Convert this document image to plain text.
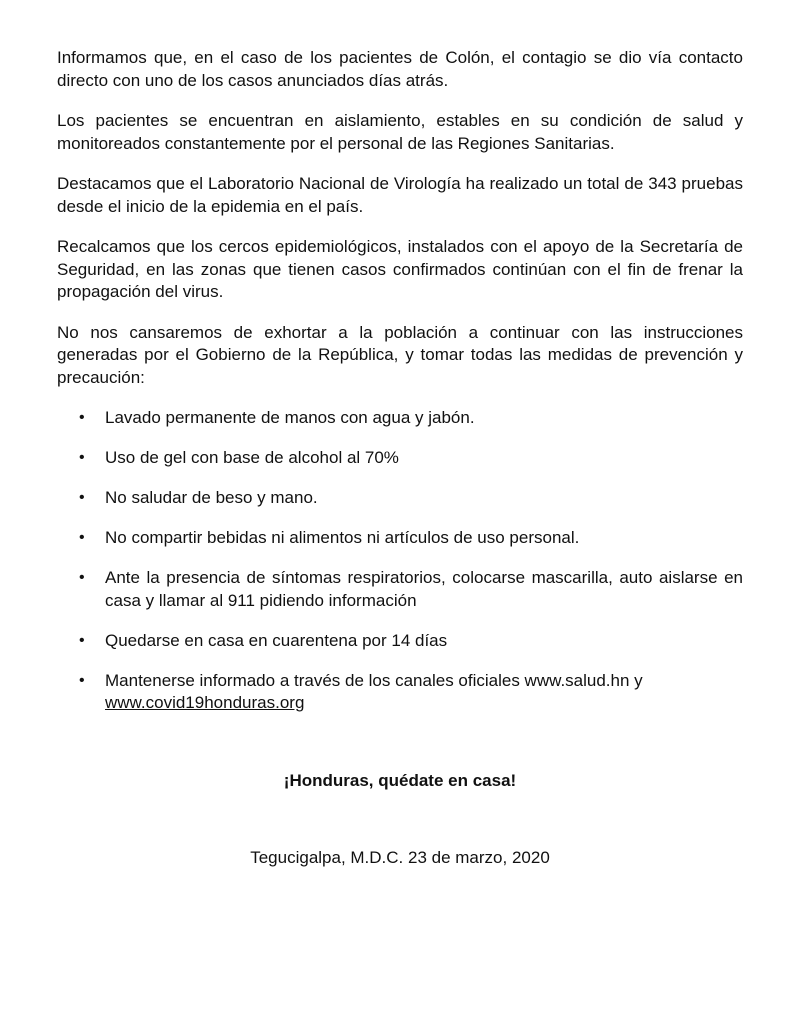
Informamos que, en el caso de los pacientes de Colón, el contagio se dio vía contacto directo con uno de los casos anunciados días atrás.

Los pacientes se encuentran en aislamiento, estables en su condición de salud y monitoreados constantemente por el personal de las Regiones Sanitarias.

Destacamos que el Laboratorio Nacional de Virología ha realizado un total de 343 pruebas desde el inicio de la epidemia en el país.

Recalcamos que los cercos epidemiológicos, instalados con el apoyo de la Secretaría de Seguridad, en las zonas que tienen casos confirmados continúan con el fin de frenar la propagación del virus.

No nos cansaremos de exhortar a la población a continuar con las instrucciones generadas por el Gobierno de la República, y tomar todas las medidas de prevención y precaución:

• Lavado permanente de manos con agua y jabón.
• Uso de gel con base de alcohol al 70%
• No saludar de beso y mano.
• No compartir bebidas ni alimentos ni artículos de uso personal.
• Ante la presencia de síntomas respiratorios, colocarse mascarilla, auto aislarse en casa y llamar al 911 pidiendo información
• Quedarse en casa en cuarentena por 14 días
• Mantenerse informado a través de los canales oficiales www.salud.hn y
www.covid19honduras.org

¡Honduras, quédate en casa!

Tegucigalpa, M.D.C. 23 de marzo, 2020
